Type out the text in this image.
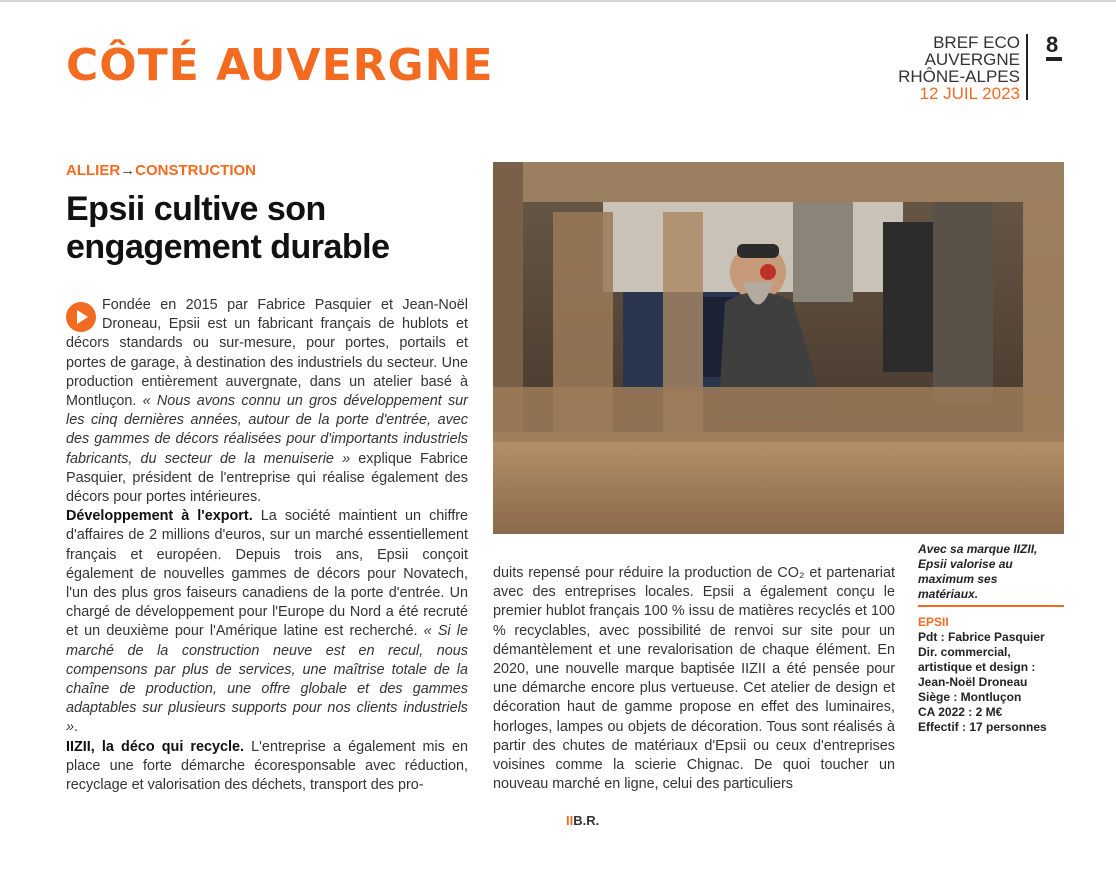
CÔTÉ AUVERGNE	BREF ECO
AUVERGNE
RHÔNE-ALPES
12 JUIL 2023
8
ALLIER→CONSTRUCTION
Epsii cultive son
engagement durable

Fondée en 2015 par Fabrice Pasquier et Jean-Noël Droneau, Epsii est un fabricant français de hublots et décors standards ou sur-mesure, pour portes, portails et portes de garage, à destination des industriels du secteur. Une production entièrement auvergnate, dans un atelier basé à Montluçon. « Nous avons connu un gros développement sur les cinq dernières années, autour de la porte d'entrée, avec des gammes de décors réalisées pour d'importants industriels fabricants, du secteur de la menuiserie » explique Fabrice Pasquier, président de l'entreprise qui réalise également des décors pour portes intérieures.

Développement à l'export. La société maintient un chiffre d'affaires de 2 millions d'euros, sur un marché essentiellement français et européen. Depuis trois ans, Epsii conçoit également de nouvelles gammes de décors pour Novatech, l'un des plus gros faiseurs canadiens de la porte d'entrée. Un chargé de développement pour l'Europe du Nord a été recruté et un deuxième pour l'Amérique latine est recherché. « Si le marché de la construction neuve est en recul, nous compensons par plus de services, une maîtrise totale de la chaîne de production, une offre globale et des gammes adaptables sur plusieurs supports pour nos clients industriels ».

IIZII, la déco qui recycle. L'entreprise a également mis en place une forte démarche écoresponsable avec réduction, recyclage et valorisation des déchets, transport des pro-

duits repensé pour réduire la production de CO₂ et partenariat avec des entreprises locales. Epsii a également conçu le premier hublot français 100 % issu de matières recyclés et 100 % recyclables, avec possibilité de renvoi sur site pour un démantèlement et une revalorisation de chaque élément. En 2020, une nouvelle marque baptisée IIZII a été pensée pour une démarche encore plus vertueuse. Cet atelier de design et décoration haut de gamme propose en effet des luminaires, horloges, lampes ou objets de décoration. Tous sont réalisés à partir des chutes de matériaux d'Epsii ou ceux d'entreprises voisines comme la scierie Chignac. De quoi toucher un nouveau marché en ligne, celui des particuliers

IIB.R.
Avec sa marque IIZII, Epsii valorise au maximum ses matériaux.
EPSII
Pdt : Fabrice Pasquier
Dir. commercial, artistique et design : Jean-Noël Droneau
Siège : Montluçon
CA 2022 : 2 M€
Effectif : 17 personnes
